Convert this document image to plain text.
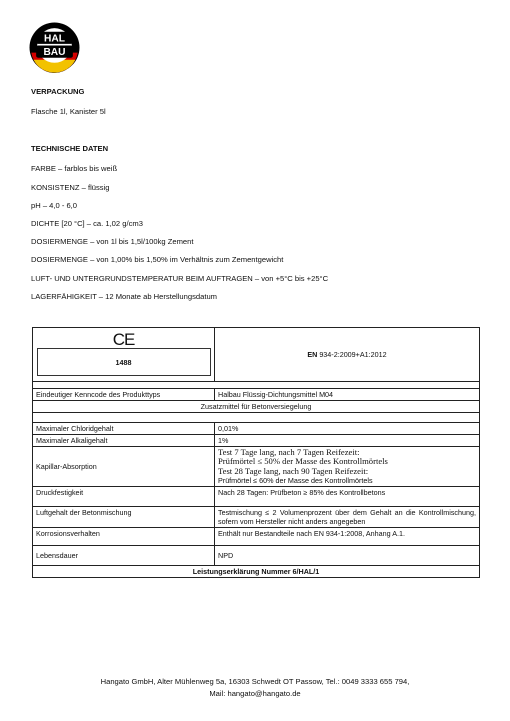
HAL
BAU
VERPACKUNG
Flasche 1l, Kanister 5l
TECHNISCHE DATEN
FARBE – farblos bis weiß
KONSISTENZ – flüssig
pH – 4,0 - 6,0
DICHTE [20 °C] – ca. 1,02 g/cm3
DOSIERMENGE – von 1l bis 1,5l/100kg Zement
DOSIERMENGE – von 1,00% bis 1,50% im Verhältnis zum Zementgewicht
LUFT- UND UNTERGRUNDSTEMPERATUR BEIM AUFTRAGEN – von +5°C bis +25°C
LAGERFÄHIGKEIT – 12 Monate ab Herstellungsdatum
CE
1488	EN 934-2:2009+A1:2012

Eindeutiger Kenncode des Produkttyps	Halbau Flüssig-Dichtungsmittel M04
Zusatzmittel für Betonversiegelung	

Maximaler Chloridgehalt	0,01%
Maximaler Alkaligehalt	1%
Kapillar-Absorption	Test 7 Tage lang, nach 7 Tagen Reifezeit:
Prüfmörtel ≤ 50% der Masse des Kontrollmörtels
Test 28 Tage lang, nach 90 Tagen Reifezeit:
Prüfmörtel ≤ 60% der Masse des Kontrollmörtels

Druckfestigkeit	Nach 28 Tagen: Prüfbeton ≥ 85% des Kontrollbetons
Luftgehalt der Betonmischung	Testmischung ≤ 2 Volumenprozent über dem Gehalt an die Kontrollmischung, sofern vom Hersteller nicht anders angegeben
Korrosionsverhalten	Enthält nur Bestandteile nach EN 934-1:2008, Anhang A.1.
Lebensdauer	NPD
Leistungserklärung Nummer 6/HAL/1	
Hangato GmbH, Alter Mühlenweg 5a, 16303 Schwedt OT Passow, Tel.: 0049 3333 655 794,
Mail: hangato@hangato.de
